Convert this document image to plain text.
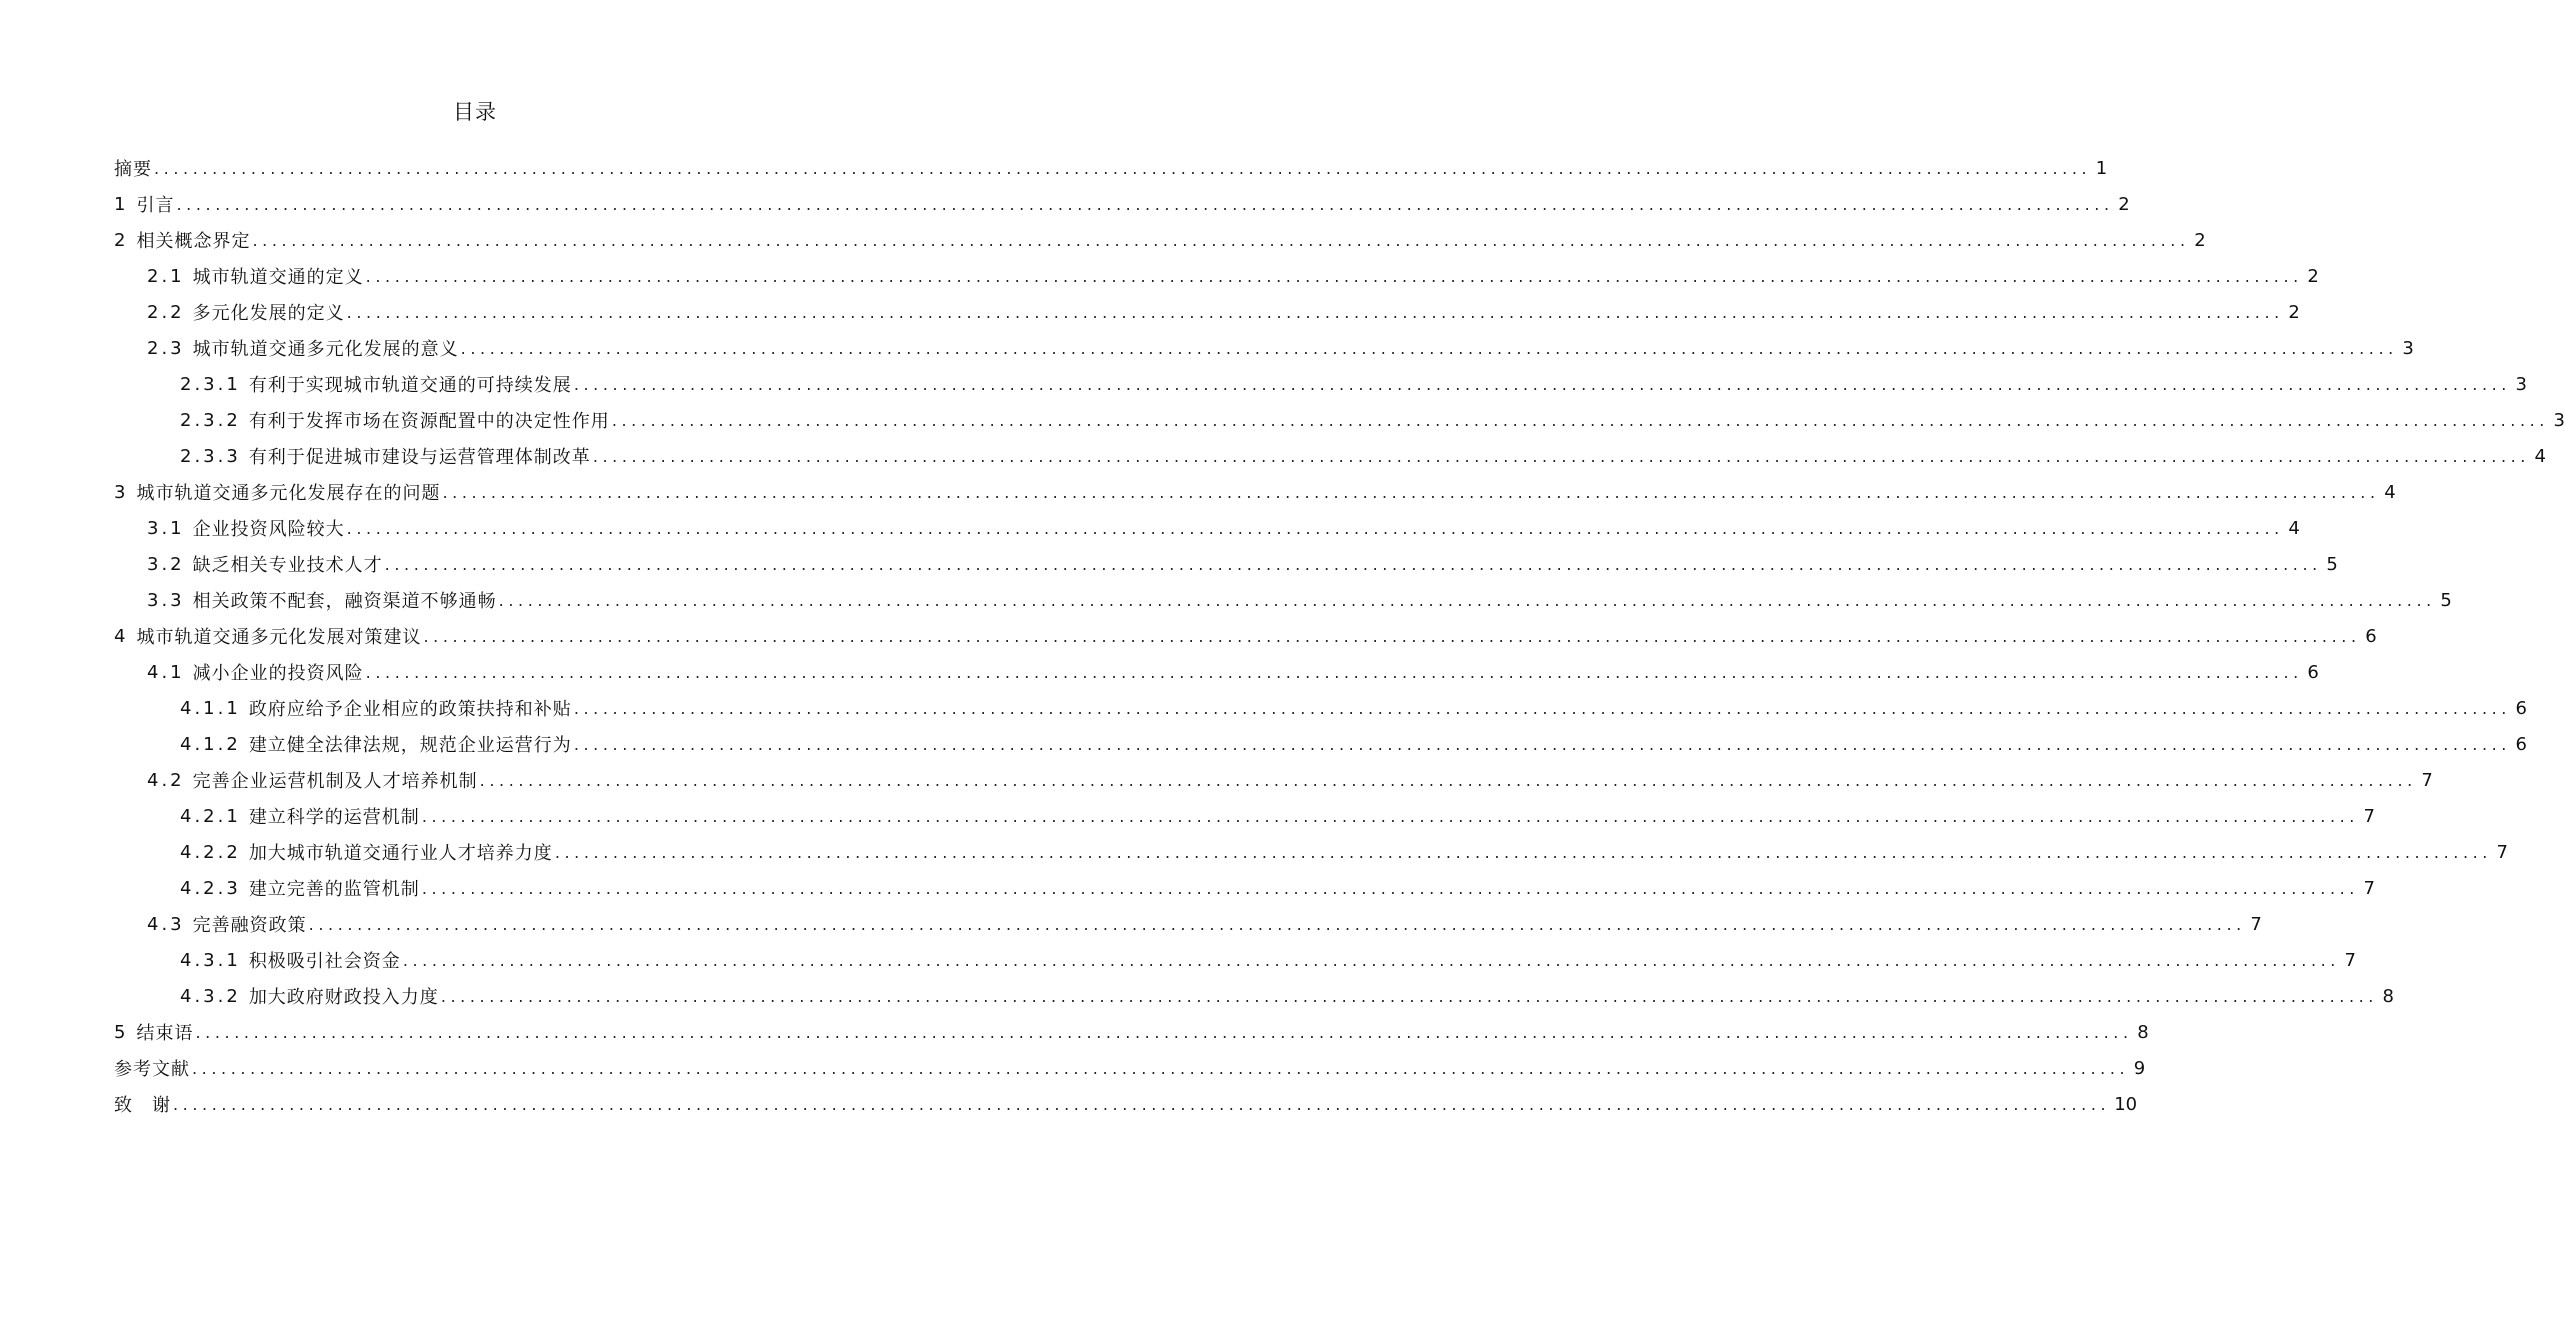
目录
摘要 ........................................................................................................................................................................................................ 1
1 引言 ........................................................................................................................................................................................................ 2
2 相关概念界定 ........................................................................................................................................................................................................ 2
2.1 城市轨道交通的定义 ........................................................................................................................................................................................................ 2
2.2 多元化发展的定义 ........................................................................................................................................................................................................ 2
2.3 城市轨道交通多元化发展的意义 ........................................................................................................................................................................................................ 3
2.3.1 有利于实现城市轨道交通的可持续发展 ........................................................................................................................................................................................................ 3
2.3.2 有利于发挥市场在资源配置中的决定性作用 ........................................................................................................................................................................................................ 3
2.3.3 有利于促进城市建设与运营管理体制改革 ........................................................................................................................................................................................................ 4
3 城市轨道交通多元化发展存在的问题 ........................................................................................................................................................................................................ 4
3.1 企业投资风险较大 ........................................................................................................................................................................................................ 4
3.2 缺乏相关专业技术人才 ........................................................................................................................................................................................................ 5
3.3 相关政策不配套，融资渠道不够通畅 ........................................................................................................................................................................................................ 5
4 城市轨道交通多元化发展对策建议 ........................................................................................................................................................................................................ 6
4.1 减小企业的投资风险 ........................................................................................................................................................................................................ 6
4.1.1 政府应给予企业相应的政策扶持和补贴 ........................................................................................................................................................................................................ 6
4.1.2 建立健全法律法规，规范企业运营行为 ........................................................................................................................................................................................................ 6
4.2 完善企业运营机制及人才培养机制 ........................................................................................................................................................................................................ 7
4.2.1 建立科学的运营机制 ........................................................................................................................................................................................................ 7
4.2.2 加大城市轨道交通行业人才培养力度 ........................................................................................................................................................................................................ 7
4.2.3 建立完善的监管机制 ........................................................................................................................................................................................................ 7
4.3 完善融资政策 ........................................................................................................................................................................................................ 7
4.3.1 积极吸引社会资金 ........................................................................................................................................................................................................ 7
4.3.2 加大政府财政投入力度 ........................................................................................................................................................................................................ 8
5 结束语 ........................................................................................................................................................................................................ 8
参考文献 ........................................................................................................................................................................................................ 9
致　谢 ........................................................................................................................................................................................................ 10
